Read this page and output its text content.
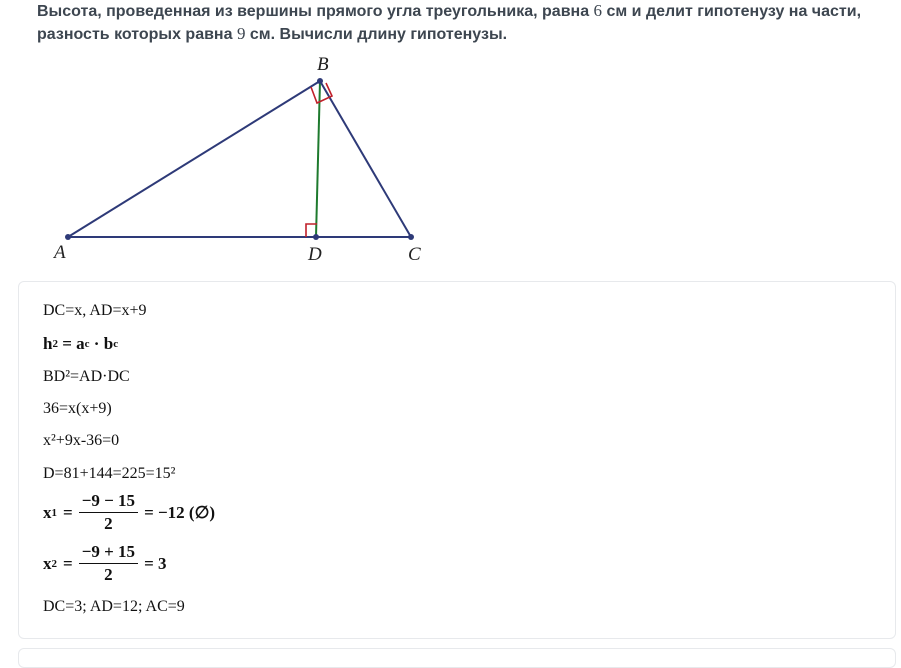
Высота, проведенная из вершины прямого угла треугольника, равна 6 см и делит гипотенузу на части, разность которых равна 9 см. Вычисли длину гипотенузы.
A
B
C
D
DC=x, AD=x+9
h 2 = a c · b c
BD²=AD·DC
36=x(x+9)
x²+9x-36=0
D=81+144=225=15²
x $1 = \frac{-9 - 15}{2} = -12$ (∅)
x $2 = \frac{-9 + 15}{2} = 3$
DC=3; AD=12; AC=9
